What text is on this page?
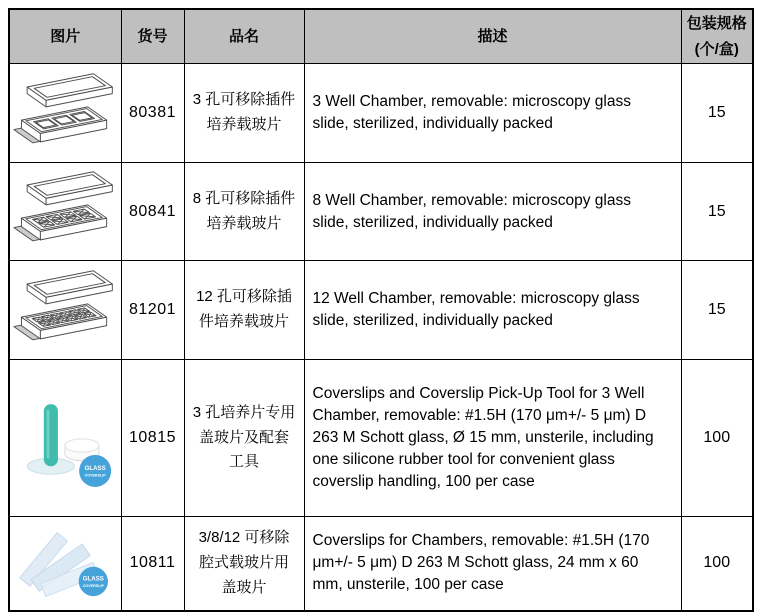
图片	货号	品名	描述	包装规格
(个/盒)

	80381	3 孔可移除插件培养载玻片	3 Well Chamber, removable: microscopy glass slide, sterilized, individually packed	15
	80841	8 孔可移除插件培养载玻片	8 Well Chamber, removable: microscopy glass slide, sterilized, individually packed	15
	81201	12 孔可移除插件培养载玻片	12 Well Chamber, removable: microscopy glass slide, sterilized, individually packed	15

GLASS
COVERSLIP	10815	3 孔培养片专用盖玻片及配套工具	Coverslips and Coverslip Pick-Up Tool for 3 Well Chamber, removable: #1.5H (170 μm+/- 5 μm) D 263 M Schott glass, Ø 15 mm, unsterile, including one silicone rubber tool for convenient glass coverslip handling, 100 per case	100

GLASS
COVERSLIP	10811	3/8/12 可移除腔式载玻片用盖玻片	Coverslips for Chambers, removable: #1.5H (170 μm+/- 5 μm) D 263 M Schott glass, 24 mm x 60 mm, unsterile, 100 per case	100
